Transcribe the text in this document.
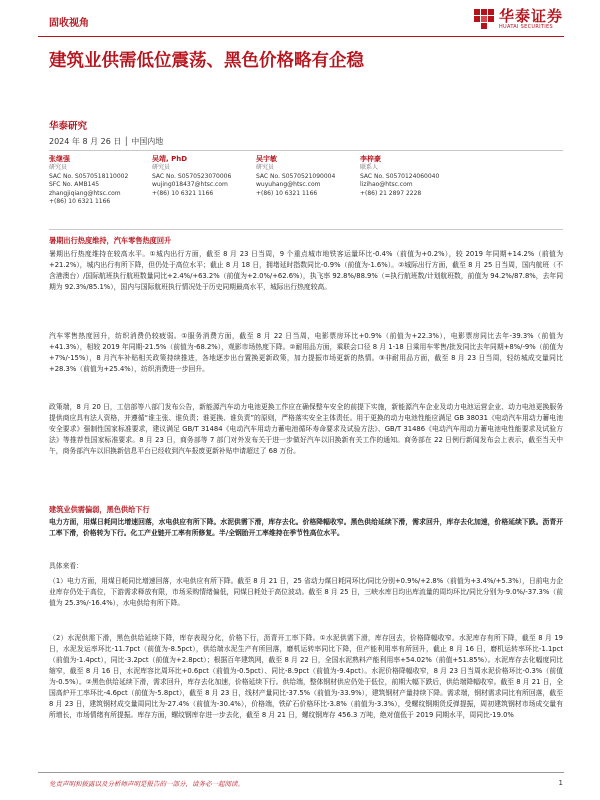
固收视角	华泰证券
HUATAI SECURITIES
建筑业供需低位震荡、黑色价格略有企稳
华泰研究
2024 年 8 月 26 日 │ 中国内地
张继强
研究员
SAC No. S0570518110002
SFC No. AMB145
zhangjiqiang@htsc.com
+(86) 10 6321 1166
吴靖, PhD
研究员
SAC No. S0570523070006
wujing018437@htsc.com
+(86) 10 6321 1166
吴宇敏
研究员
SAC No. S0570521090004
wuyuhang@htsc.com
+(86) 10 6321 1166
李梓豪
联系人
SAC No. S0570124060040
lizihao@htsc.com
+(86) 21 2897 2228
暑期出行热度维持，汽车零售热度回升
暑期出行热度维持在较高水平。①城内出行方面，截至 8 月 23 日当周，9 个重点城市地铁客运量环比-0.4%（前值为+0.2%），较 2019 年同期+14.2%（前值为+21.2%），城内出行有所下降，但仍处于高位水平；截止 8 月 18 日，拥堵延时指数同比-0.9%（前值为-1.6%）。②城际出行方面，截至 8 月 25 日当周，国内航班（不含港澳台）/国际航班执行航班数量同比+2.4%/+63.2%（前值为+2.0%/+62.6%），执飞率 92.8%/88.9%（=执行航班数/计划航班数，前值为 94.2%/87.8%，去年同期为 92.3%/85.1%），国内与国际航班执行情况处于历史同期最高水平，城际出行热度较高。
汽车零售热度回升，纺织消费仍较疲弱。①服务消费方面，截至 8 月 22 日当周，电影票房环比+0.9%（前值为+22.3%），电影票房同比去年-39.3%（前值为+41.3%），相较 2019 年同期-21.5%（前值为-68.2%），观影市场热度下降。②耐用品方面，乘联会口径 8 月 1-18 日乘用车零售/批发同比去年同期+8%/-9%（前值为+7%/-15%），8 月汽车补贴相关政策持续推进，各地逐步出台置换更新政策，加力提振市场更新的热情。③非耐用品方面，截至 8 月 23 日当周，轻纺城成交量同比+28.3%（前值为+25.4%），纺织消费进一步回升。
政策端，8 月 20 日，工信部等八部门发布公告，新能源汽车动力电池更换工作应在确保整车安全的前提下实施，新能源汽车企业及动力电池运营企业、动力电池更换服务提供商应具有法人资格，并遵循“谁主张、谁负责；谁更换、谁负责”的原则，严格落实安全主体责任。用于更换的动力电池性能应满足 GB 38031《电动汽车用动力蓄电池安全要求》强制性国家标准要求，建议满足 GB/T 31484《电动汽车用动力蓄电池循环寿命要求及试验方法》、GB/T 31486《电动汽车用动力蓄电池电性能要求及试验方法》等推荐性国家标准要求。8 月 23 日，商务部等 7 部门对外发布关于进一步做好汽车以旧换新有关工作的通知。商务部在 22 日例行新闻发布会上表示，截至当天中午，商务部汽车以旧换新信息平台已经收到汽车报废更新补贴申请超过了 68 万份。
建筑业供需偏弱，黑色供给下行
电力方面，用煤日耗同比增速回落，水电供应有所下降。水泥供需下滑，库存去化。价格降幅收窄。黑色供给延续下滑，需求回升，库存去化加速，价格延续下跌。沥青开工率下滑，价格转为下行。化工产业链开工率有所修复。半/全钢胎开工率维持在季节性高位水平。
具体来看：
（1）电力方面，用煤日耗同比增速回落，水电供应有所下降。截至 8 月 21 日，25 省动力煤日耗同环比/同比分别+0.9%/+2.8%（前值为+3.4%/+5.3%），日前电力企业库存仍处于高位，下游需求释放有限，市场采购情绪偏低，同煤日耗处于高位波动。截至 8 月 25 日，三峡水库日均出库流量的周均环比/同比分别为-9.0%/-37.3%（前值为 25.3%/-16.4%），水电供给有所下降。
（2）水泥供需下滑，黑色供给延续下降，库存表现分化，价格下行，沥青开工率下降。①水泥供需下滑，库存回去，价格降幅收窄。水泥库存有所下降，截至 8 月 19 日，水泥发运率环比-11.7pct（前值为-8.5pct），供给端水泥生产有所回落，磨机运转率同比下降，但产能利用率有所回升，截止 8 月 16 日，磨机运转率环比-1.1pct（前值为-1.4pct），同比-3.2pct（前值为+2.8pct）；根据百年建筑网，截至 8 月 22 日，全国水泥熟料产能利用率+54.02%（前值+51.85%）。水泥库存去化幅度同比缩窄，截至 8 月 16 日，水泥库容比周环比+0.6pct（前值为-0.5pct）、同比-8.9pct（前值为-9.4pct）。水泥价格降幅收窄，8 月 23 日当周水泥价格环比-0.3%（前值为-0.5%）。②黑色供给延续下滑，需求回升，库存去化加速，价格延续下行。供给端，整体钢材供应仍处于低位，前期大幅下跌后，供给端降幅收窄。截至 8 月 21 日，全国高炉开工率环比-4.6pct（前值为-5.8pct），截至 8 月 23 日，线材产量同比-37.5%（前值为-33.9%），建筑钢材产量持续下降。需求端，钢材需求同比有所回落，截至 8 月 23 日，建筑钢材成交量周同比为-27.4%（前值为-30.4%），价格端，铁矿石价格环比-3.8%（前值为-3.3%），受螺纹钢期货反弹提振，周初建筑钢材市场成交量有所增长，市场情绪有所提振。库存方面，螺纹钢库存进一步去化，截至 8 月 21 日，螺纹钢库存 456.3 万吨，绝对值低于 2019 同期水平，周同比-19.0%
免责声明和披露以及分析师声明是报告的一部分，请务必一起阅读。	1
